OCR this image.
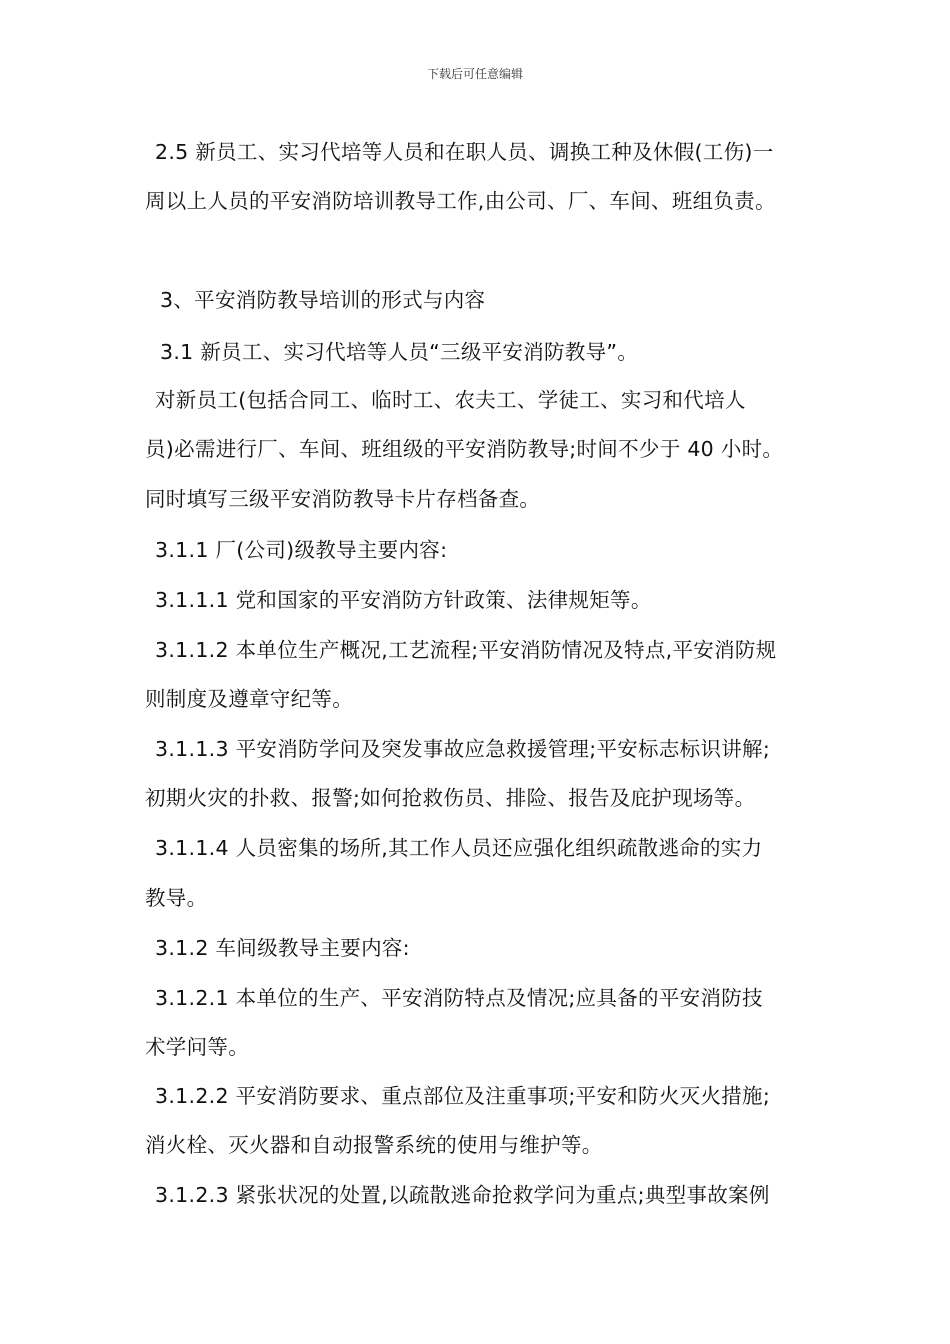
下载后可任意编辑
2.5 新员工、实习代培等人员和在职人员、调换工种及休假(工伤)一
周以上人员的平安消防培训教导工作,由公司、厂、车间、班组负责。
3、平安消防教导培训的形式与内容
3.1 新员工、实习代培等人员“三级平安消防教导”。
对新员工(包括合同工、临时工、农夫工、学徒工、实习和代培人
员)必需进行厂、车间、班组级的平安消防教导;时间不少于 40 小时。
同时填写三级平安消防教导卡片存档备查。
3.1.1 厂(公司)级教导主要内容:
3.1.1.1 党和国家的平安消防方针政策、法律规矩等。
3.1.1.2 本单位生产概况,工艺流程;平安消防情况及特点,平安消防规
则制度及遵章守纪等。
3.1.1.3 平安消防学问及突发事故应急救援管理;平安标志标识讲解;
初期火灾的扑救、报警;如何抢救伤员、排险、报告及庇护现场等。
3.1.1.4 人员密集的场所,其工作人员还应强化组织疏散逃命的实力
教导。
3.1.2 车间级教导主要内容:
3.1.2.1 本单位的生产、平安消防特点及情况;应具备的平安消防技
术学问等。
3.1.2.2 平安消防要求、重点部位及注重事项;平安和防火灭火措施;
消火栓、灭火器和自动报警系统的使用与维护等。
3.1.2.3 紧张状况的处置,以疏散逃命抢救学问为重点;典型事故案例
